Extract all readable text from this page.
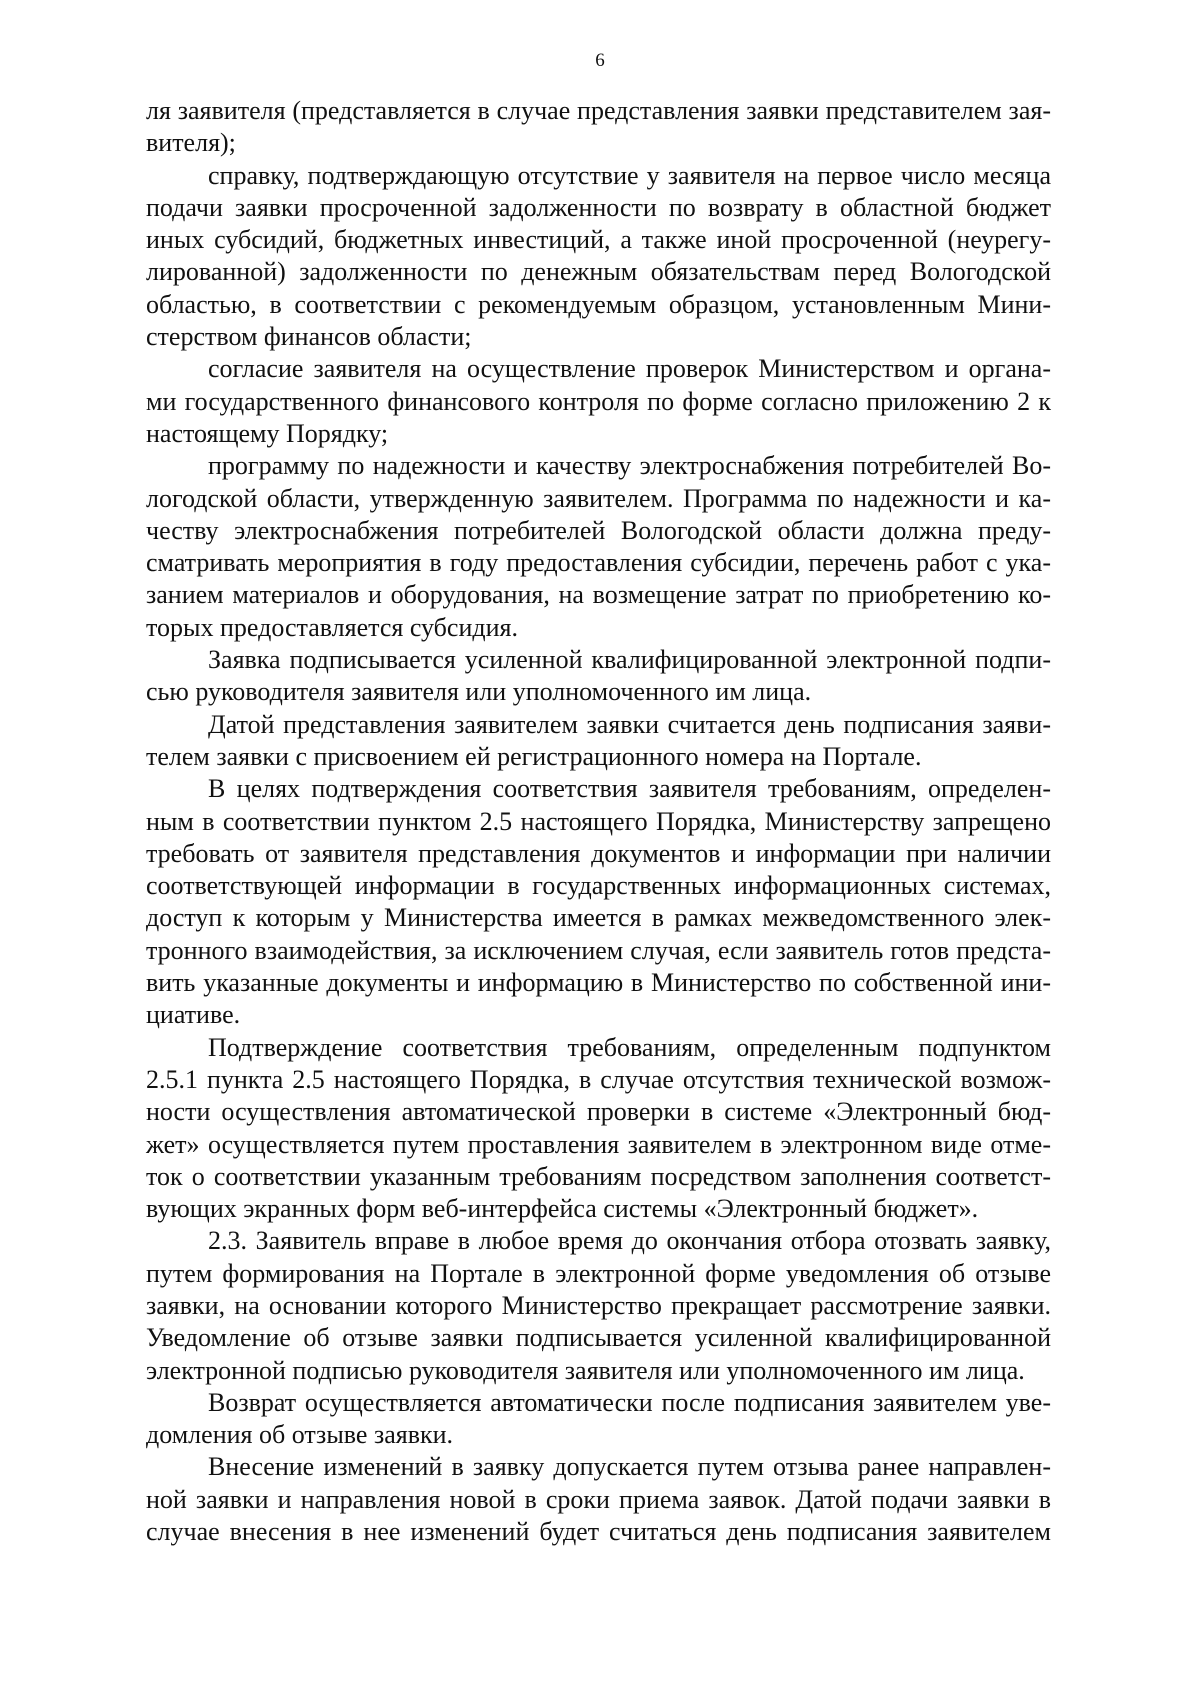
6

ля заявителя (представляется в случае представления заявки представителем зая-
вителя);

справку, подтверждающую отсутствие у заявителя на первое число месяца
подачи заявки просроченной задолженности по возврату в областной бюджет
иных субсидий, бюджетных инвестиций, а также иной просроченной (неурегу-
лированной) задолженности по денежным обязательствам перед Вологодской
областью, в соответствии с рекомендуемым образцом, установленным Мини-
стерством финансов области;

согласие заявителя на осуществление проверок Министерством и органа-
ми государственного финансового контроля по форме согласно приложению 2 к
настоящему Порядку;

программу по надежности и качеству электроснабжения потребителей Во-
логодской области, утвержденную заявителем. Программа по надежности и ка-
честву электроснабжения потребителей Вологодской области должна преду-
сматривать мероприятия в году предоставления субсидии, перечень работ с ука-
занием материалов и оборудования, на возмещение затрат по приобретению ко-
торых предоставляется субсидия.

Заявка подписывается усиленной квалифицированной электронной подпи-
сью руководителя заявителя или уполномоченного им лица.

Датой представления заявителем заявки считается день подписания заяви-
телем заявки с присвоением ей регистрационного номера на Портале.

В целях подтверждения соответствия заявителя требованиям, определен-
ным в соответствии пунктом 2.5 настоящего Порядка, Министерству запрещено
требовать от заявителя представления документов и информации при наличии
соответствующей информации в государственных информационных системах,
доступ к которым у Министерства имеется в рамках межведомственного элек-
тронного взаимодействия, за исключением случая, если заявитель готов предста-
вить указанные документы и информацию в Министерство по собственной ини-
циативе.

Подтверждение соответствия требованиям, определенным подпунктом
2.5.1 пункта 2.5 настоящего Порядка, в случае отсутствия технической возмож-
ности осуществления автоматической проверки в системе «Электронный бюд-
жет» осуществляется путем проставления заявителем в электронном виде отме-
ток о соответствии указанным требованиям посредством заполнения соответст-
вующих экранных форм веб-интерфейса системы «Электронный бюджет».

2.3. Заявитель вправе в любое время до окончания отбора отозвать заявку,
путем формирования на Портале в электронной форме уведомления об отзыве
заявки, на основании которого Министерство прекращает рассмотрение заявки.
Уведомление об отзыве заявки подписывается усиленной квалифицированной
электронной подписью руководителя заявителя или уполномоченного им лица.

Возврат осуществляется автоматически после подписания заявителем уве-
домления об отзыве заявки.

Внесение изменений в заявку допускается путем отзыва ранее направлен-
ной заявки и направления новой в сроки приема заявок. Датой подачи заявки в
случае внесения в нее изменений будет считаться день подписания заявителем
